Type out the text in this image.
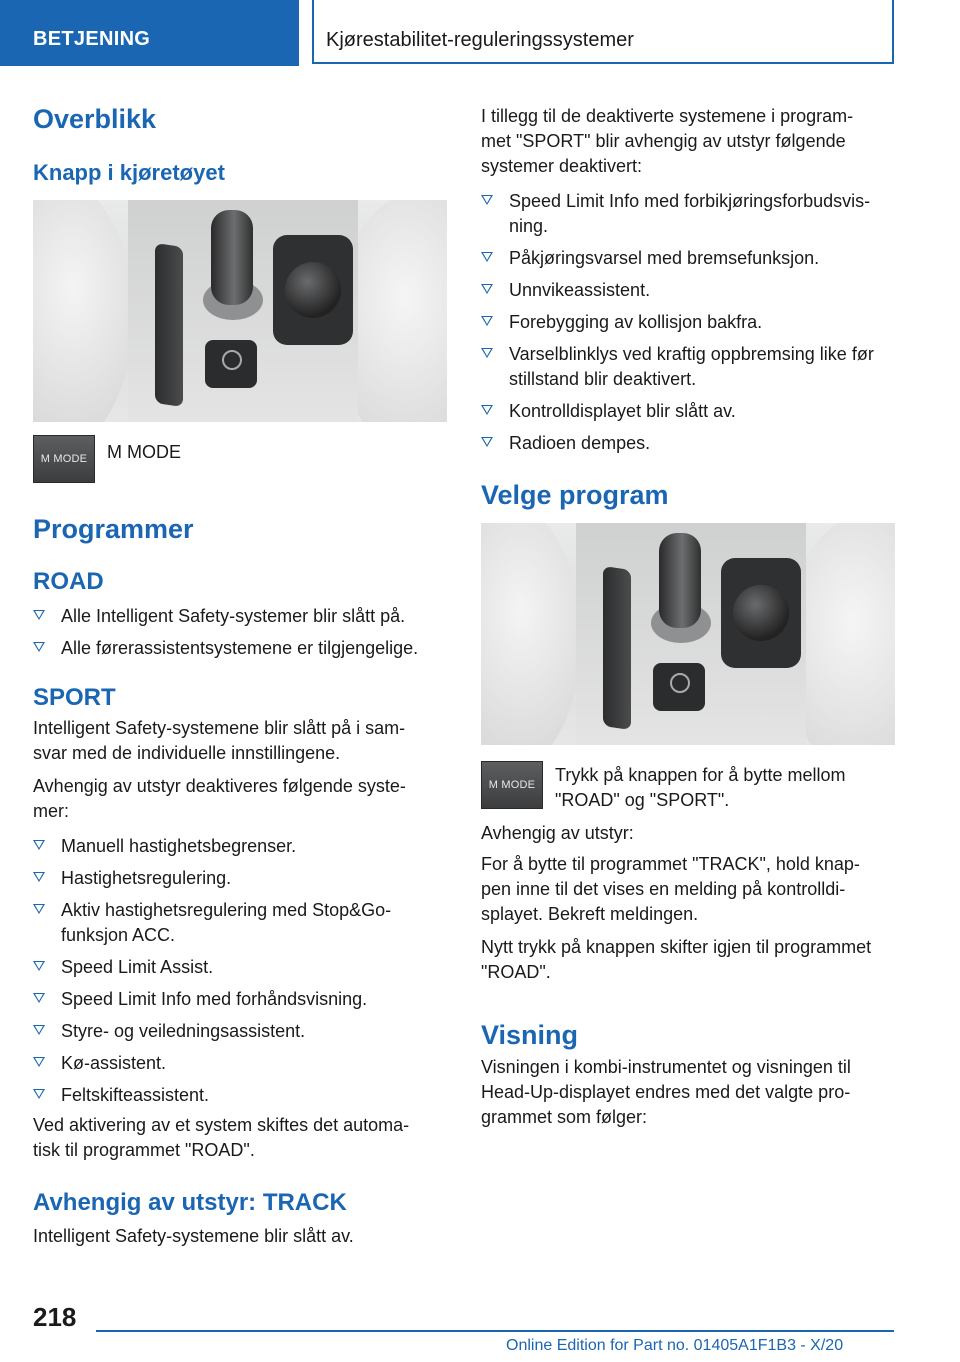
BETJENING	Kjørestabilitet-reguleringssystemer
Overblikk
Knapp i kjøretøyet
M MODE	M MODE
Programmer
ROAD
Alle Intelligent Safety-systemer blir slått på.
Alle førerassistentsystemene er tilgjengelige.
SPORT
Intelligent Safety-systemene blir slått på i sam-
svar med de individuelle innstillingene.
Avhengig av utstyr deaktiveres følgende syste-
mer:
Manuell hastighetsbegrenser.
Hastighetsregulering.
Aktiv hastighetsregulering med Stop&Go-
funksjon ACC.
Speed Limit Assist.
Speed Limit Info med forhåndsvisning.
Styre- og veiledningsassistent.
Kø-assistent.
Feltskifteassistent.
Ved aktivering av et system skiftes det automa-
tisk til programmet "ROAD".
Avhengig av utstyr: TRACK
Intelligent Safety-systemene blir slått av.
I tillegg til de deaktiverte systemene i program-
met "SPORT" blir avhengig av utstyr følgende
systemer deaktivert:
Speed Limit Info med forbikjøringsforbudsvis-
ning.
Påkjøringsvarsel med bremsefunksjon.
Unnvikeassistent.
Forebygging av kollisjon bakfra.
Varselblinklys ved kraftig oppbremsing like før
stillstand blir deaktivert.
Kontrolldisplayet blir slått av.
Radioen dempes.
Velge program
M MODE	Trykk på knappen for å bytte mellom
"ROAD" og "SPORT".
Avhengig av utstyr:
For å bytte til programmet "TRACK", hold knap-
pen inne til det vises en melding på kontrolldi-
splayet. Bekreft meldingen.
Nytt trykk på knappen skifter igjen til programmet
"ROAD".
Visning
Visningen i kombi-instrumentet og visningen til
Head-Up-displayet endres med det valgte pro-
grammet som følger:
218
Online Edition for Part no. 01405A1F1B3 - X/20
